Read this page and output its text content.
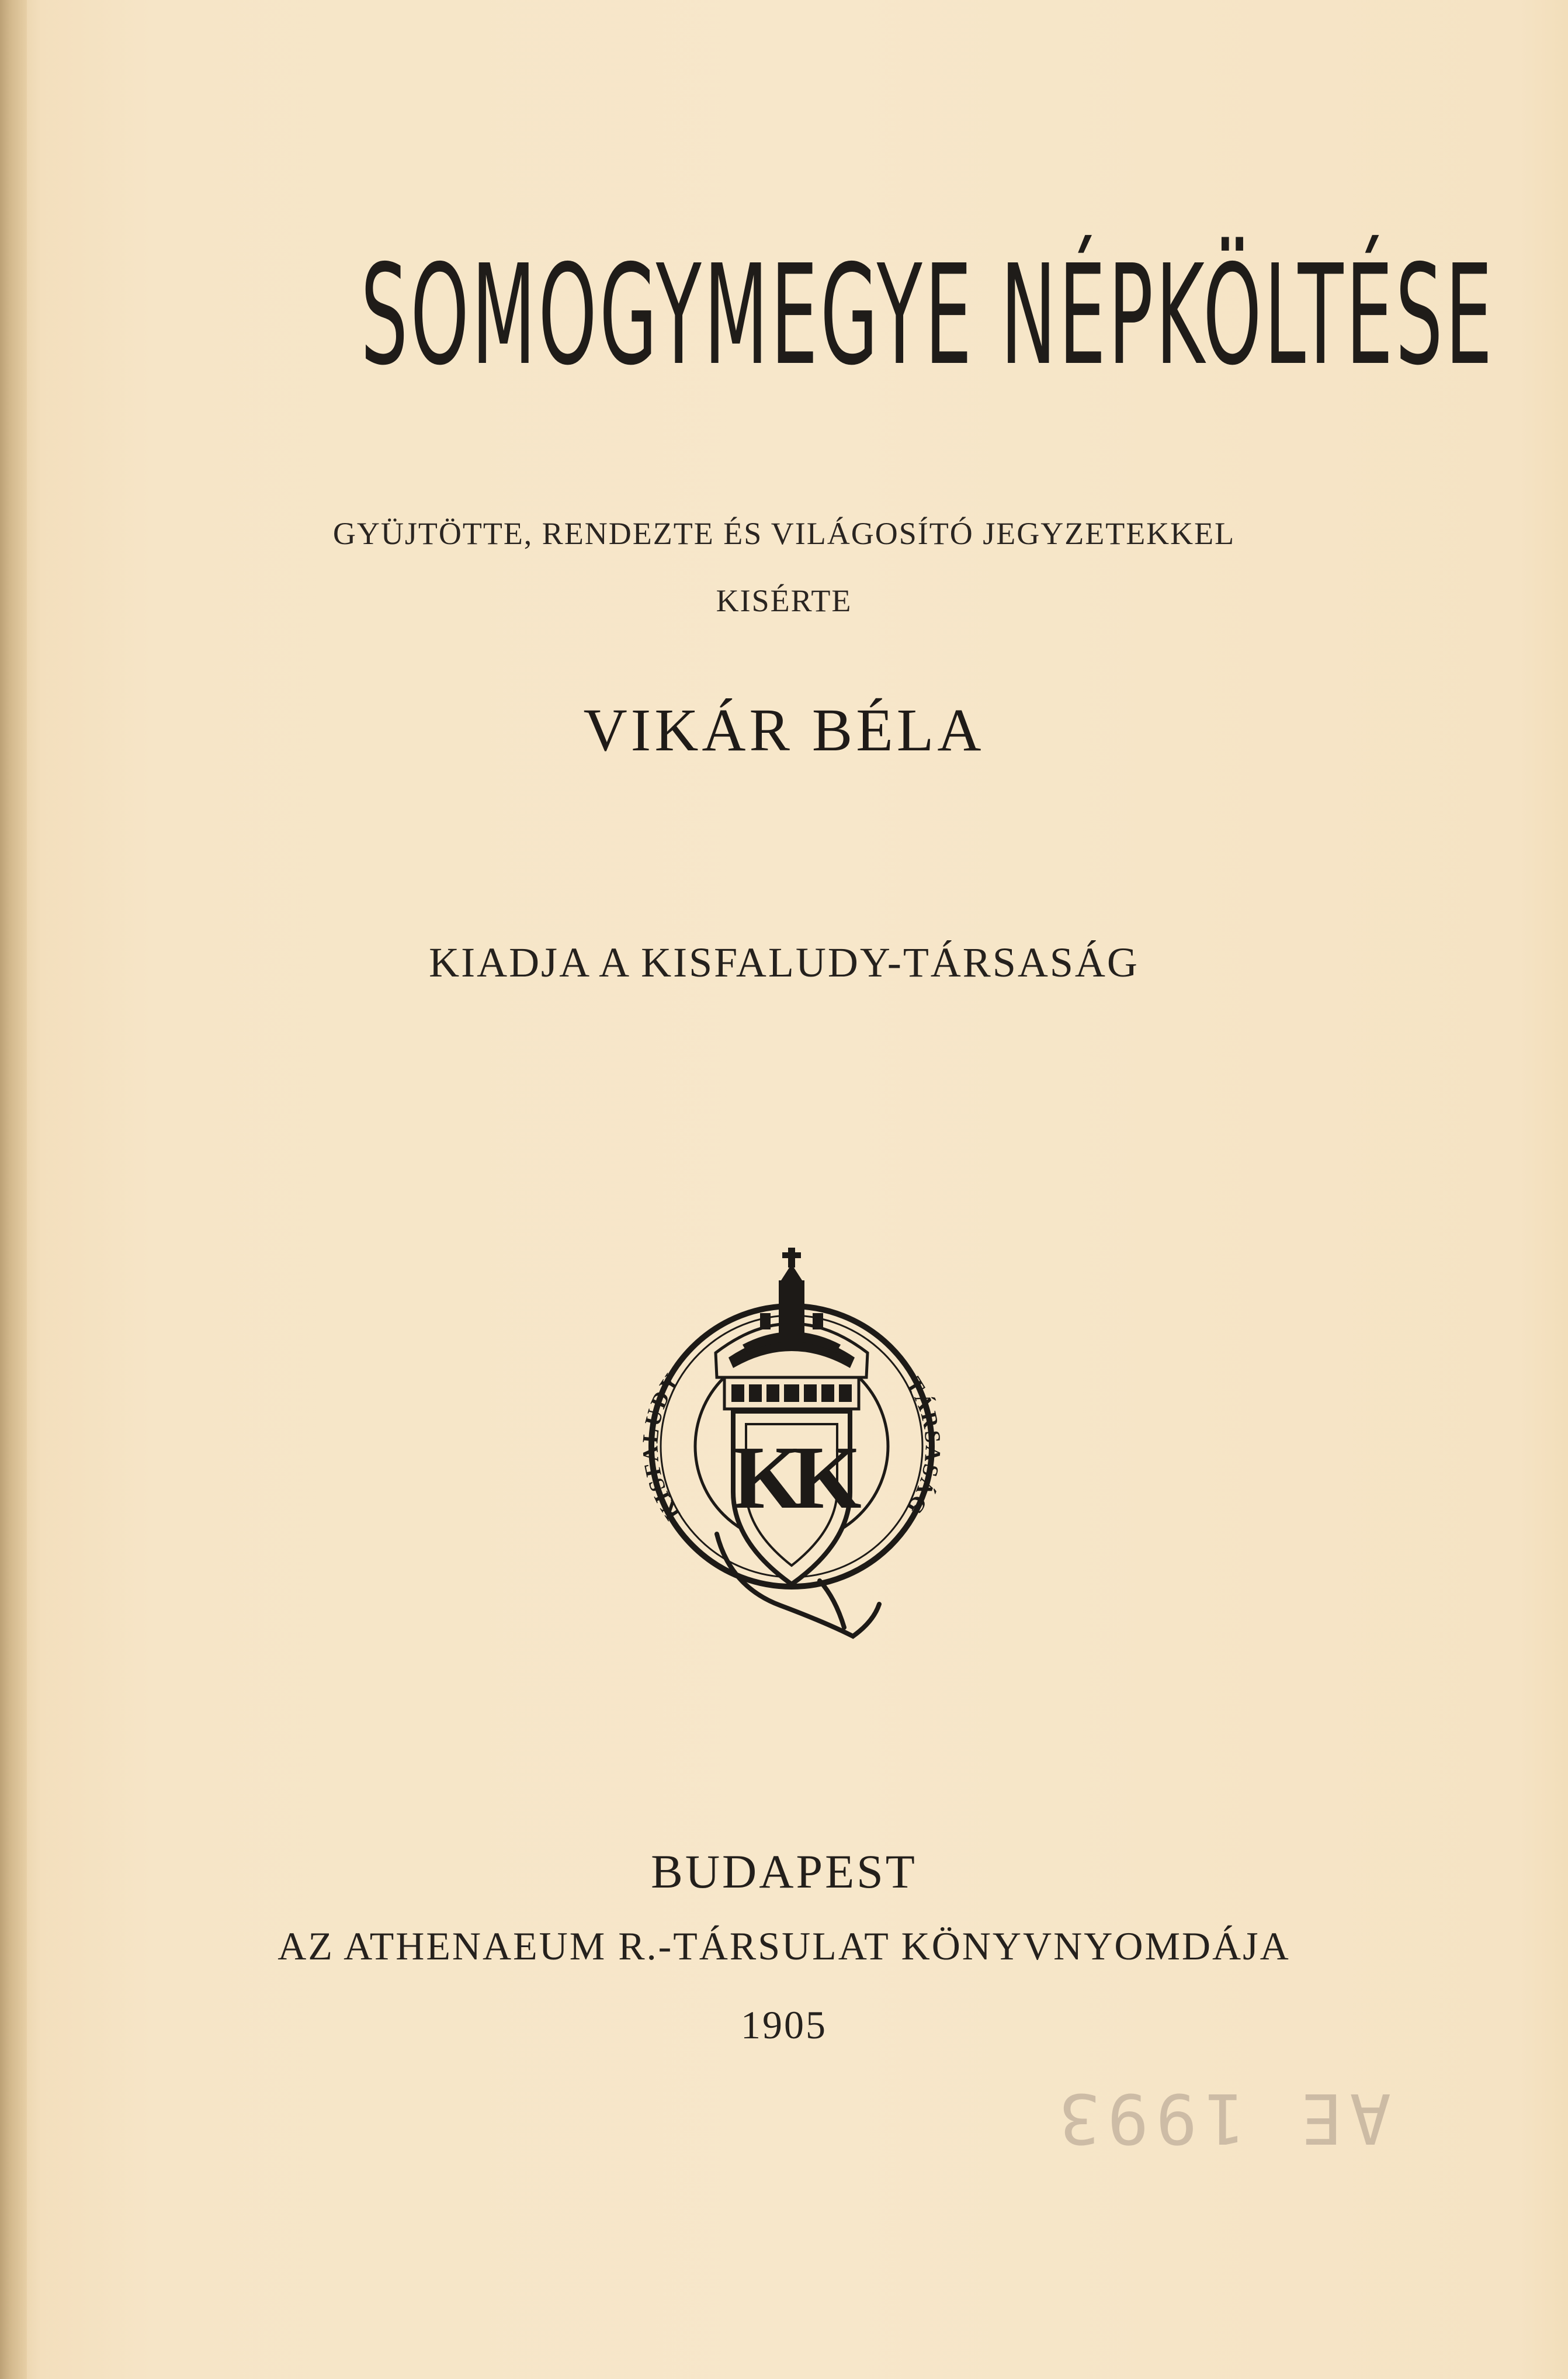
SOMOGYMEGYE NÉPKÖLTÉSE
GYÜJTÖTTE, RENDEZTE ÉS VILÁGOSÍTÓ JEGYZETEKKEL
KISÉRTE
VIKÁR BÉLA
KIADJA A KISFALUDY-TÁRSASÁG
KK
KISFALUDY	TÁRSASÁG
BUDAPEST
AZ ATHENAEUM R.-TÁRSULAT KÖNYVNYOMDÁJA
1905
AE 1993
